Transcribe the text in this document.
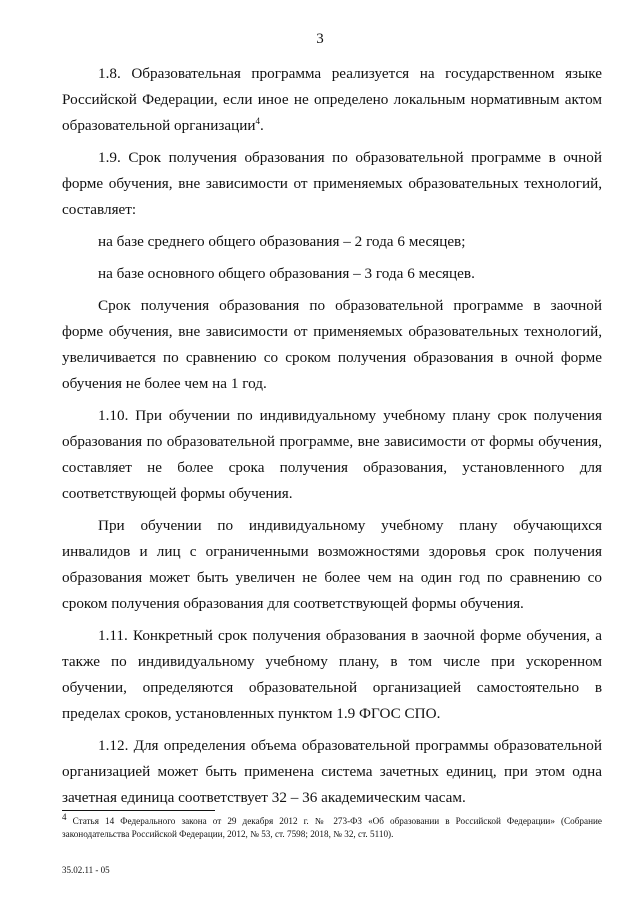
3

1.8. Образовательная программа реализуется на государственном языке Российской Федерации, если иное не определено локальным нормативным актом образовательной организации$^4$.

1.9. Срок получения образования по образовательной программе в очной форме обучения, вне зависимости от применяемых образовательных технологий, составляет:

на базе среднего общего образования – 2 года 6 месяцев;

на базе основного общего образования – 3 года 6 месяцев.

Срок получения образования по образовательной программе в заочной форме обучения, вне зависимости от применяемых образовательных технологий, увеличивается по сравнению со сроком получения образования в очной форме обучения не более чем на 1 год.

1.10. При обучении по индивидуальному учебному плану срок получения образования по образовательной программе, вне зависимости от формы обучения, составляет не более срока получения образования, установленного для соответствующей формы обучения.

При обучении по индивидуальному учебному плану обучающихся инвалидов и лиц с ограниченными возможностями здоровья срок получения образования может быть увеличен не более чем на один год по сравнению со сроком получения образования для соответствующей формы обучения.

1.11. Конкретный срок получения образования в заочной форме обучения, а также по индивидуальному учебному плану, в том числе при ускоренном обучении, определяются образовательной организацией самостоятельно в пределах сроков, установленных пунктом 1.9 ФГОС СПО.

1.12. Для определения объема образовательной программы образовательной организацией может быть применена система зачетных единиц, при этом одна зачетная единица соответствует 32 – 36 академическим часам.

$^4$ Статья 14 Федерального закона от 29 декабря 2012 г. № 273-ФЗ «Об образовании в Российской Федерации» (Собрание законодательства Российской Федерации, 2012, № 53, ст. 7598; 2018, № 32, ст. 5110).

35.02.11 - 05
